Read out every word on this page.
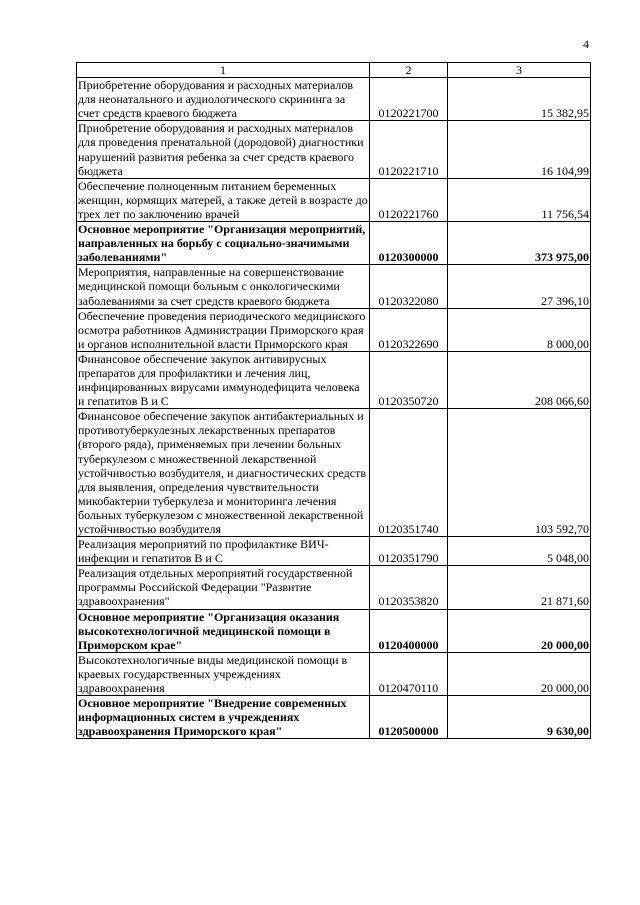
4
1	2	3
Приобретение оборудования и расходных материалов для неонатального и аудиологического скрининга за счет средств краевого бюджета	0120221700	15 382,95
Приобретение оборудования и расходных материалов для проведения пренатальной (дородовой) диагностики нарушений развития ребенка за счет средств краевого бюджета	0120221710	16 104,99
Обеспечение полноценным питанием беременных женщин, кормящих матерей, а также детей в возрасте до трех лет по заключению врачей	0120221760	11 756,54
Основное мероприятие "Организация мероприятий, направленных на борьбу с социально-значимыми заболеваниями"	0120300000	373 975,00
Мероприятия, направленные на совершенствование медицинской помощи больным с онкологическими заболеваниями за счет средств краевого бюджета	0120322080	27 396,10
Обеспечение проведения периодического медицинского осмотра работников Администрации Приморского края и органов исполнительной власти Приморского края	0120322690	8 000,00
Финансовое обеспечение закупок антивирусных препаратов для профилактики и лечения лиц, инфицированных вирусами иммунодефицита человека и гепатитов В и С	0120350720	208 066,60
Финансовое обеспечение закупок антибактериальных и противотуберкулезных лекарственных препаратов (второго ряда), применяемых при лечении больных туберкулезом с множественной лекарственной устойчивостью возбудителя, и диагностических средств для выявления, определения чувствительности микобактерии туберкулеза и мониторинга лечения больных туберкулезом с множественной лекарственной устойчивостью возбудителя	0120351740	103 592,70
Реализация мероприятий по профилактике ВИЧ-инфекции и гепатитов В и С	0120351790	5 048,00
Реализация отдельных мероприятий государственной программы Российской Федерации "Развитие здравоохранения"	0120353820	21 871,60
Основное мероприятие "Организация оказания высокотехнологичной медицинской помощи в Приморском крае"	0120400000	20 000,00
Высокотехнологичные виды медицинской помощи в краевых государственных учреждениях здравоохранения	0120470110	20 000,00
Основное мероприятие "Внедрение современных информационных систем в учреждениях здравоохранения Приморского края"	0120500000	9 630,00
